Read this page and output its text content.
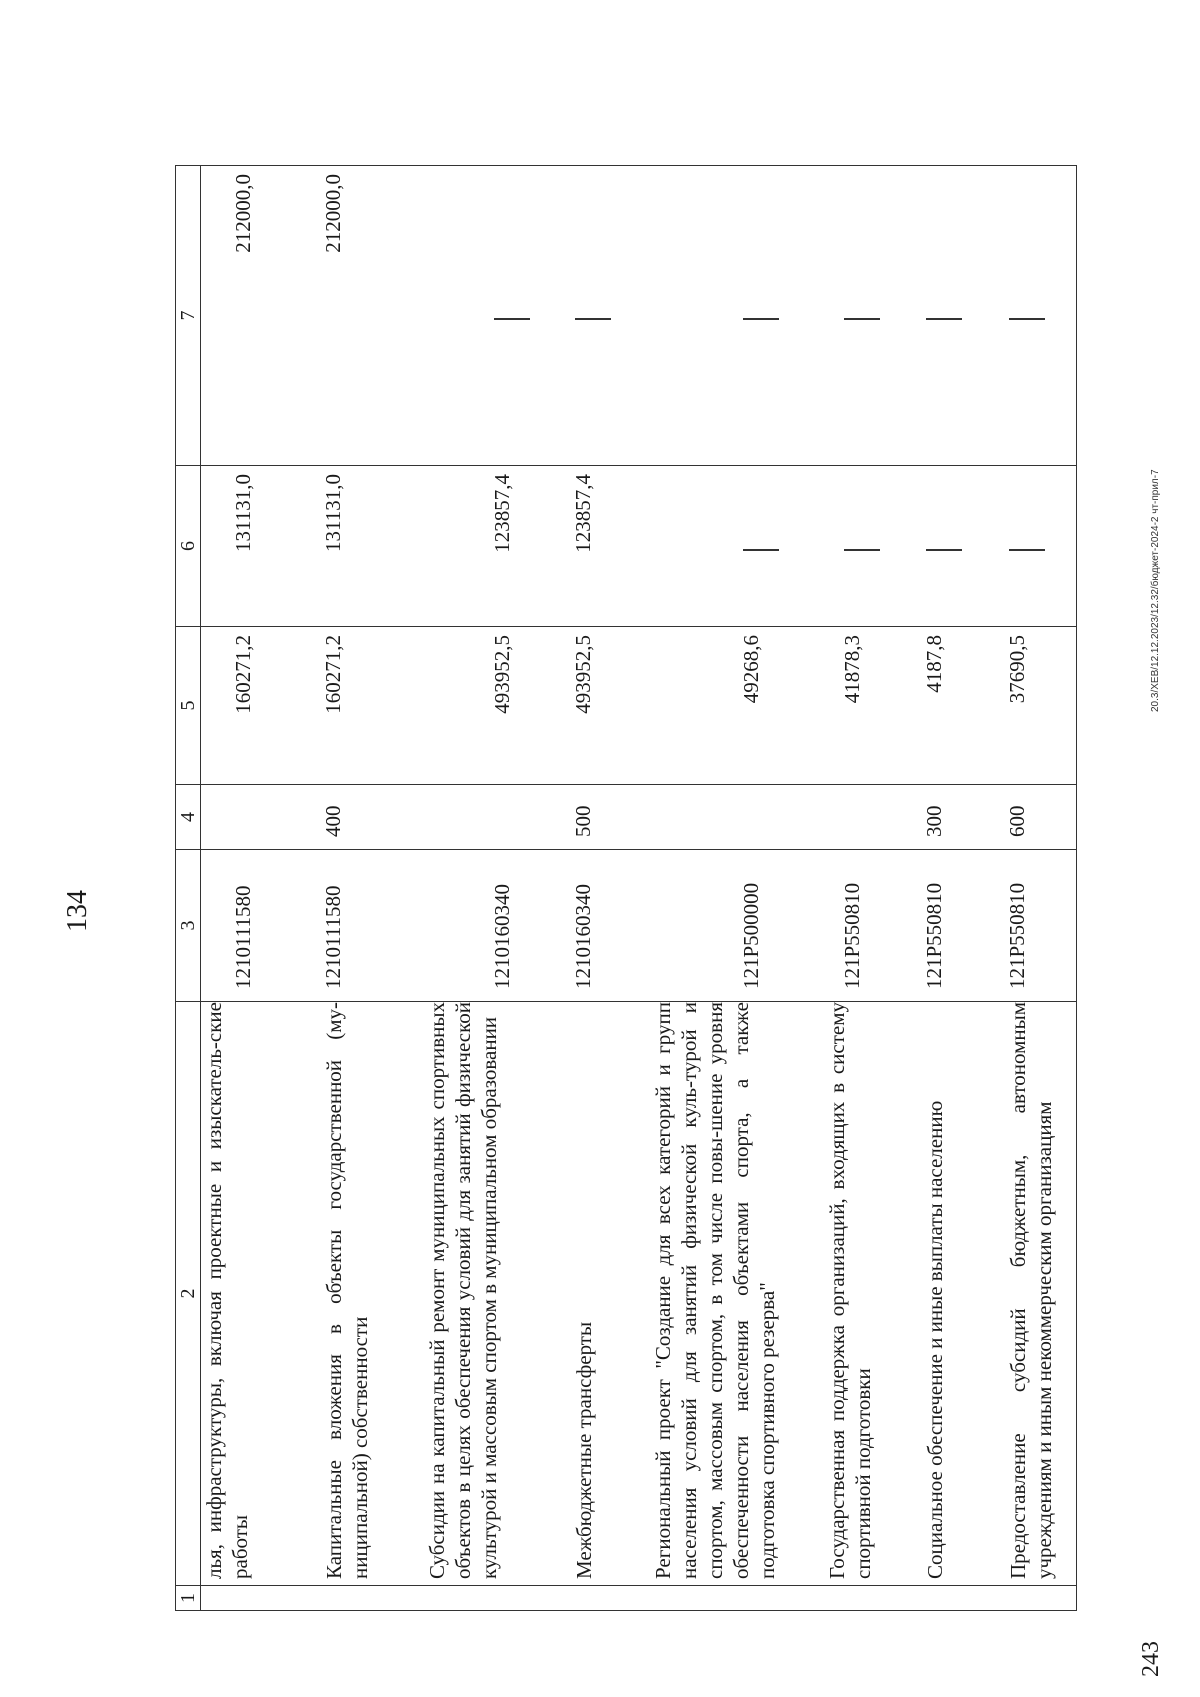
134
243
20.3/ХЕВ/12.12.2023/12.32/бюджет-2024-2 чт-прил-7
1	2	3	4	5	6	7

	лья, инфраструктуры, включая проектные и изыскатель-ские работы	1210111580		160271,2	131131,0	212000,0

	Капитальные вложения в объекты государственной (му-ниципальной) собственности	1210111580	400	160271,2	131131,0	212000,0

	Субсидии на капитальный ремонт муниципальных спортивных объектов в целях обеспечения условий для занятий физической культурой и массовым спортом в муниципальном образовании	1210160340		493952,5	123857,4	

	Межбюджетные трансферты	1210160340	500	493952,5	123857,4	

	Региональный проект "Создание для всех категорий и групп населения условий для занятий физической куль-турой и спортом, массовым спортом, в том числе повы-шение уровня обеспеченности населения объектами спорта, а также подготовка спортивного резерва"	121Р500000		49268,6		

	Государственная поддержка организаций, входящих в систему спортивной подготовки	121Р550810		41878,3		

	Социальное обеспечение и иные выплаты населению	121Р550810	300	4187,8		

	Предоставление субсидий бюджетным, автономным учреждениям и иным некоммерческим организациям	121Р550810	600	37690,5		
